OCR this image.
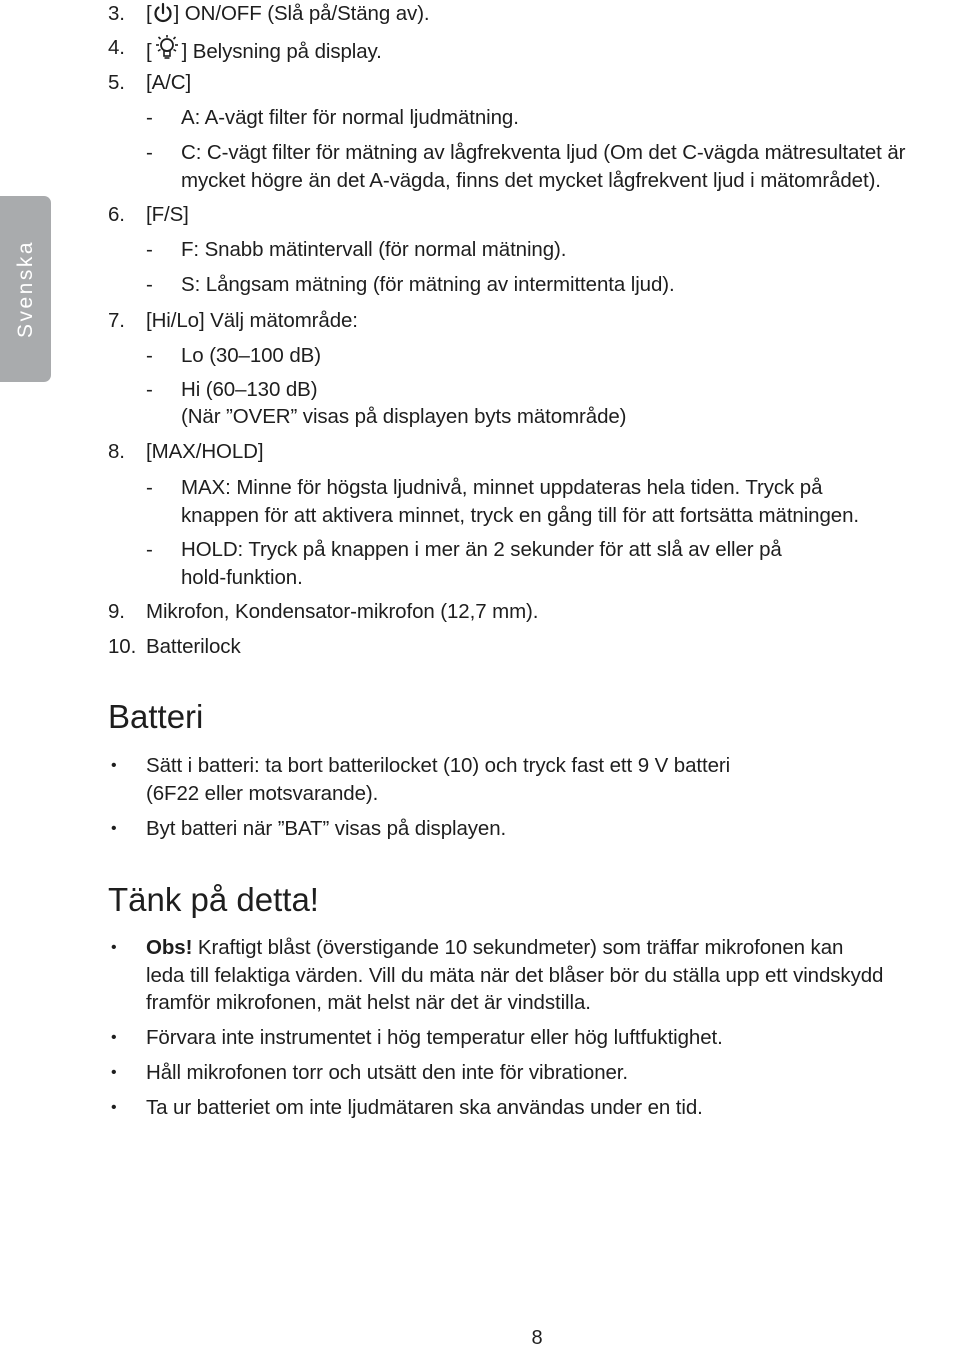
Svenska
3. [ ] ON/OFF (Slå på/Stäng av).
4. [ ] Belysning på display.
5. [A/C]
- A: A-vägt filter för normal ljudmätning.
- C: C-vägt filter för mätning av lågfrekventa ljud (Om det C-vägda mätresultatet är
mycket högre än det A-vägda, finns det mycket lågfrekvent ljud i mätområdet).
6. [F/S]
- F: Snabb mätintervall (för normal mätning).
- S: Långsam mätning (för mätning av intermittenta ljud).
7. [Hi/Lo] Välj mätområde:
- Lo (30–100 dB)
- Hi (60–130 dB)
(När ”OVER” visas på displayen byts mätområde)
8. [MAX/HOLD]
- MAX: Minne för högsta ljudnivå, minnet uppdateras hela tiden. Tryck på
knappen för att aktivera minnet, tryck en gång till för att fortsätta mätningen.
- HOLD: Tryck på knappen i mer än 2 sekunder för att slå av eller på
hold-funktion.
9. Mikrofon, Kondensator-mikrofon (12,7 mm).
10. Batterilock
Batteri
• Sätt i batteri: ta bort batterilocket (10) och tryck fast ett 9 V batteri
(6F22 eller motsvarande).
• Byt batteri när ”BAT” visas på displayen.
Tänk på detta!
• Obs! Kraftigt blåst (överstigande 10 sekundmeter) som träffar mikrofonen kan
leda till felaktiga värden. Vill du mäta när det blåser bör du ställa upp ett vindskydd
framför mikrofonen, mät helst när det är vindstilla.
• Förvara inte instrumentet i hög temperatur eller hög luftfuktighet.
• Håll mikrofonen torr och utsätt den inte för vibrationer.
• Ta ur batteriet om inte ljudmätaren ska användas under en tid.
8
